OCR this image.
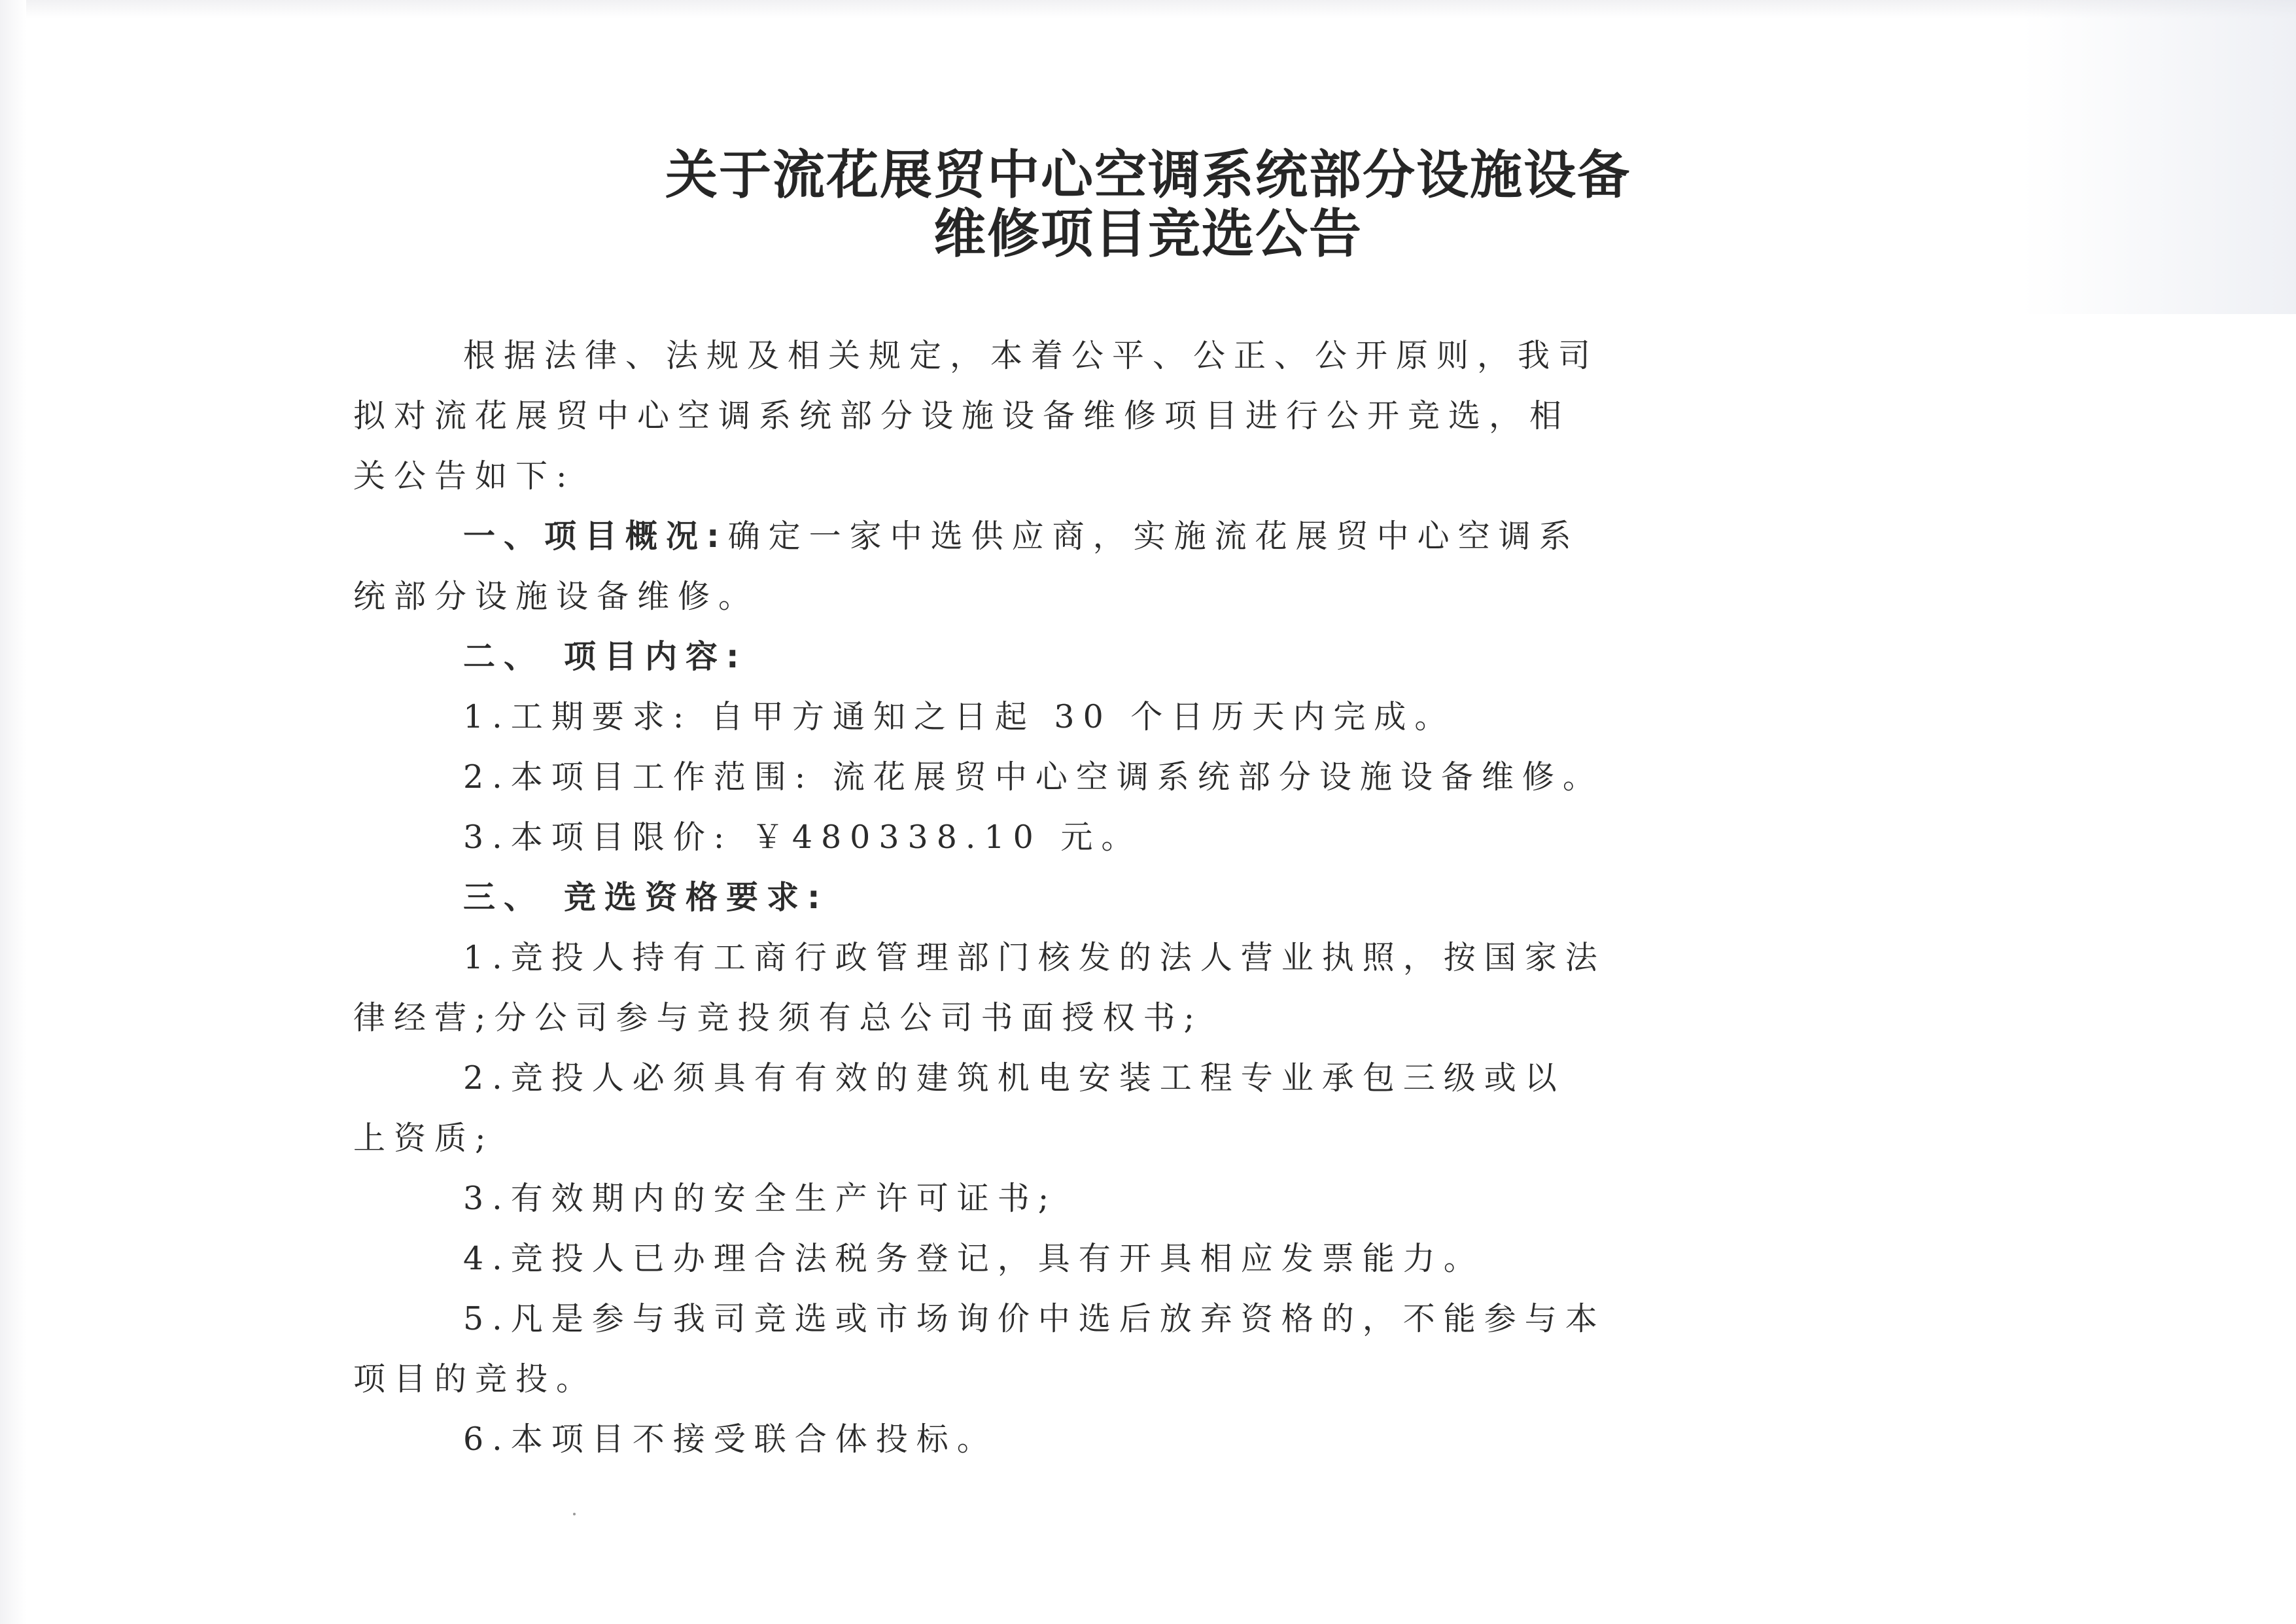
关于流花展贸中心空调系统部分设施设备
维修项目竞选公告
根据法律、法规及相关规定，本着公平、公正、公开原则，我司
拟对流花展贸中心空调系统部分设施设备维修项目进行公开竞选，相
关公告如下:
一、项目概况:确定一家中选供应商，实施流花展贸中心空调系
统部分设施设备维修。
二、 项目内容:
1.工期要求: 自甲方通知之日起 30 个日历天内完成。
2.本项目工作范围: 流花展贸中心空调系统部分设施设备维修。
3.本项目限价: ￥480338.10 元。
三、 竞选资格要求:
1.竞投人持有工商行政管理部门核发的法人营业执照，按国家法
律经营;分公司参与竞投须有总公司书面授权书;
2.竞投人必须具有有效的建筑机电安装工程专业承包三级或以
上资质;
3.有效期内的安全生产许可证书;
4.竞投人已办理合法税务登记，具有开具相应发票能力。
5.凡是参与我司竞选或市场询价中选后放弃资格的，不能参与本
项目的竞投。
6.本项目不接受联合体投标。
